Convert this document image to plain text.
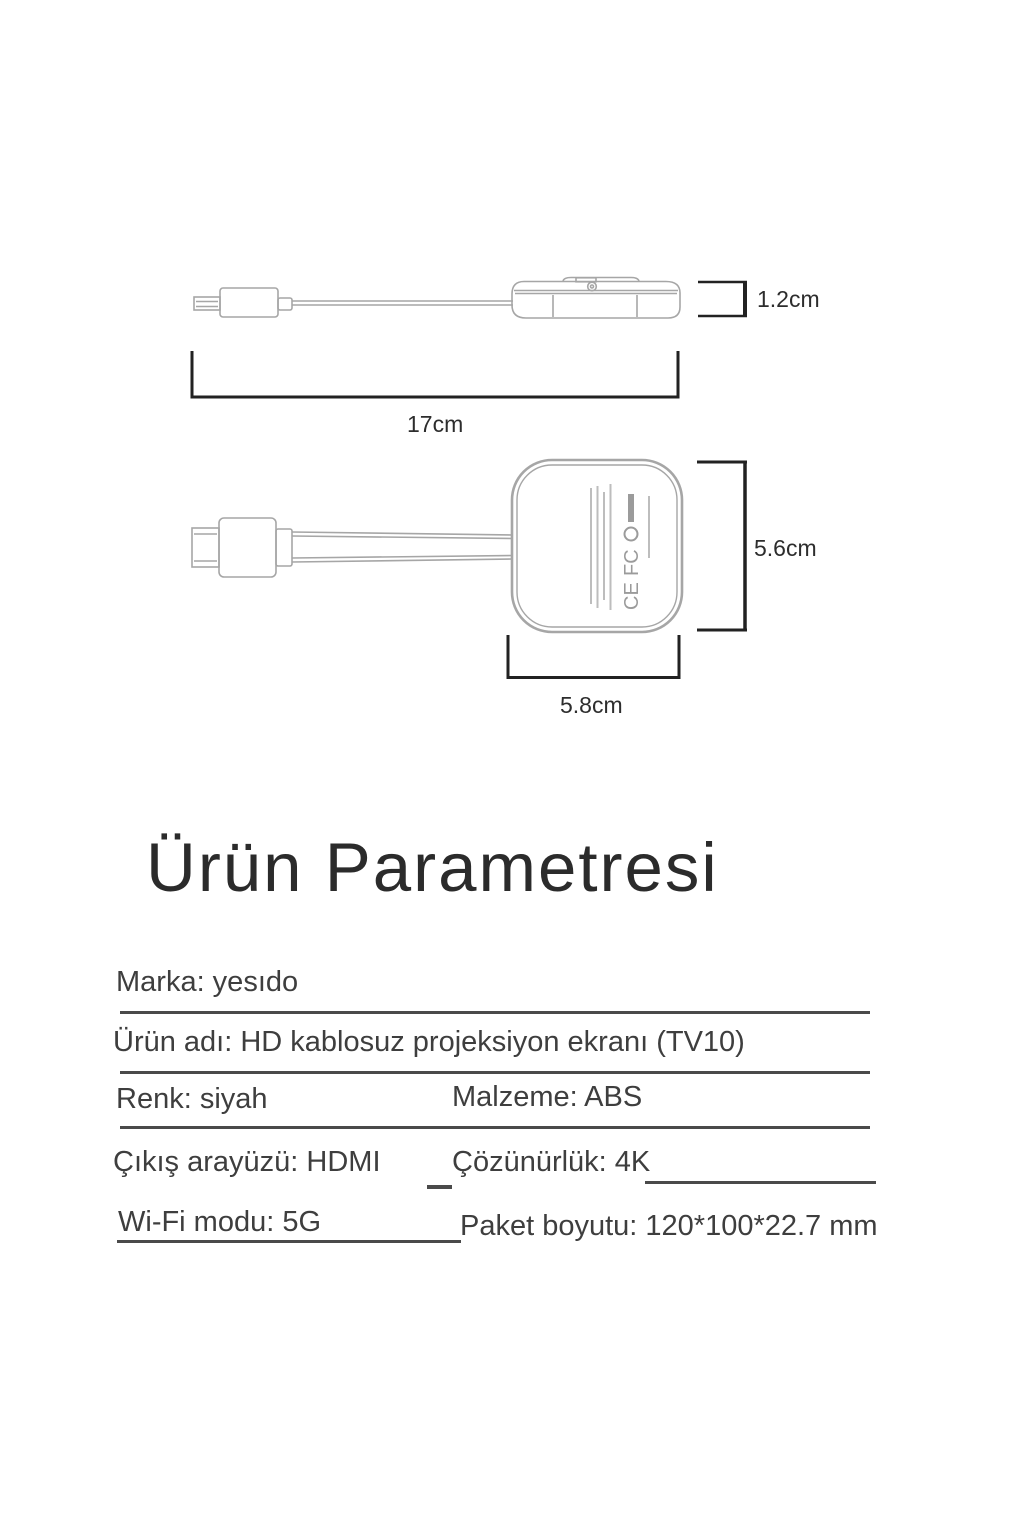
1.2cm
17cm
CE
FC
5.6cm
5.8cm
Ürün Parametresi
Marka: yesıdo
Ürün adı: HD kablosuz projeksiyon ekranı (TV10)
Renk: siyah	Malzeme: ABS
Çıkış arayüzü: HDMI Çözünürlük: 4K
Wi-Fi modu: 5G	Paket boyutu: 120*100*22.7 mm
